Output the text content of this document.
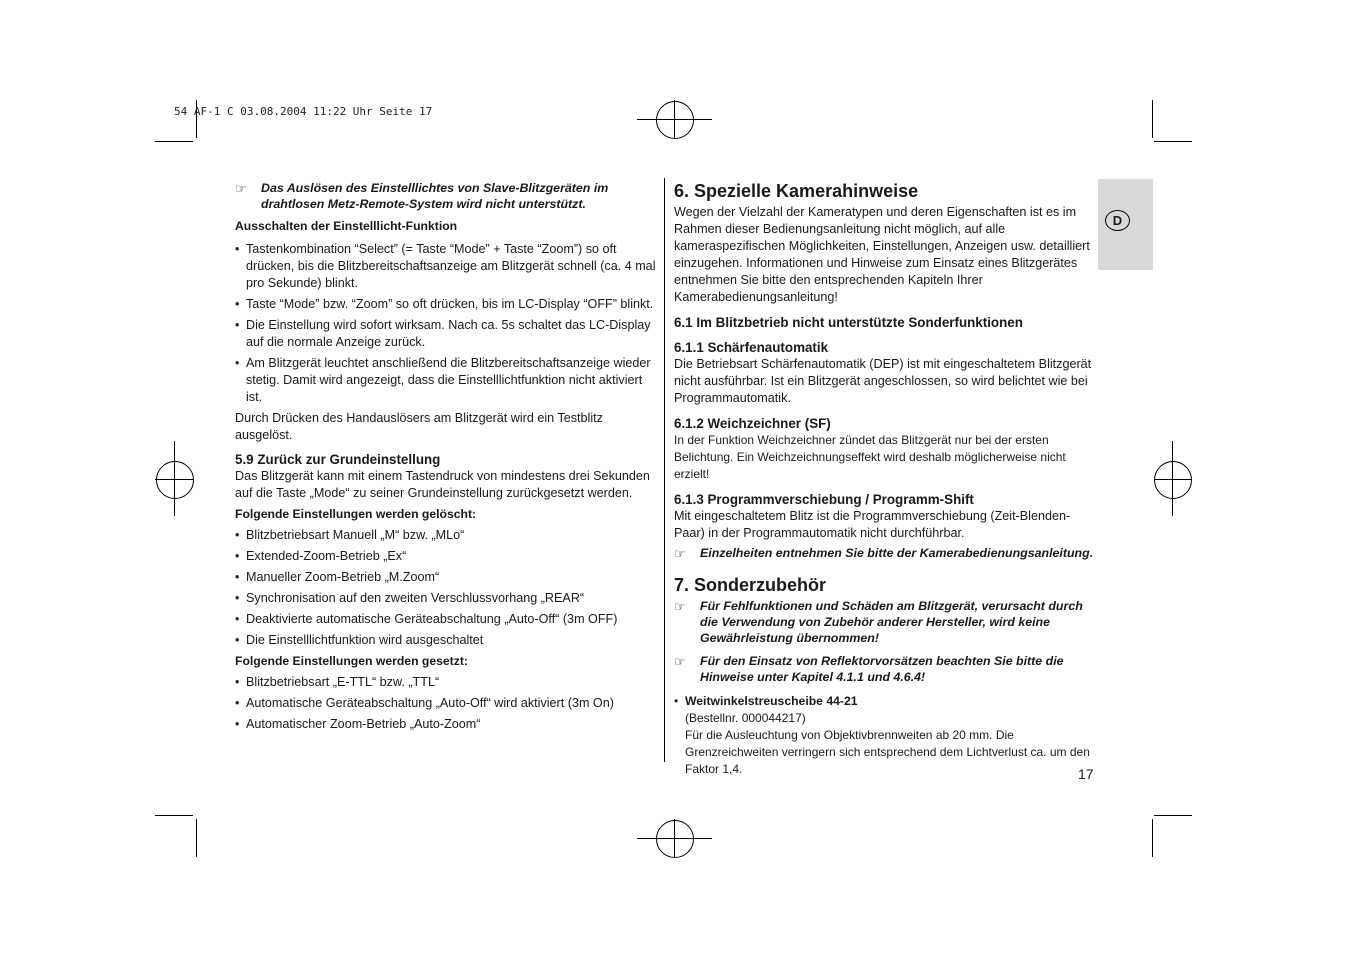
54 AF-1 C 03.08.2004 11:22 Uhr Seite 17
D
☞	Das Auslösen des Einstelllichtes von Slave-Blitzgeräten im drahtlosen Metz-Remote-System wird nicht unterstützt.

Ausschalten der Einstelllicht-Funktion

• Tastenkombination “Select” (= Taste “Mode” + Taste “Zoom”) so oft drücken, bis die Blitzbereitschaftsanzeige am Blitzgerät schnell (ca. 4 mal pro Sekunde) blinkt.
• Taste “Mode” bzw. “Zoom” so oft drücken, bis im LC-Display “OFF” blinkt.
• Die Einstellung wird sofort wirksam. Nach ca. 5s schaltet das LC-Display auf die normale Anzeige zurück.
• Am Blitzgerät leuchtet anschließend die Blitzbereitschaftsanzeige wieder stetig. Damit wird angezeigt, dass die Einstelllichtfunktion nicht aktiviert ist.

Durch Drücken des Handauslösers am Blitzgerät wird ein Testblitz ausgelöst.

5.9 Zurück zur Grundeinstellung

Das Blitzgerät kann mit einem Tastendruck von mindestens drei Sekunden auf die Taste „Mode“ zu seiner Grundeinstellung zurückgesetzt werden.

Folgende Einstellungen werden gelöscht:

• Blitzbetriebsart Manuell „M“ bzw. „MLo“
• Extended-Zoom-Betrieb „Ex“
• Manueller Zoom-Betrieb „M.Zoom“
• Synchronisation auf den zweiten Verschlussvorhang „REAR“
• Deaktivierte automatische Geräteabschaltung „Auto-Off“ (3m OFF)
• Die Einstelllichtfunktion wird ausgeschaltet

Folgende Einstellungen werden gesetzt:

• Blitzbetriebsart „E-TTL“ bzw. „TTL“
• Automatische Geräteabschaltung „Auto-Off“ wird aktiviert (3m On)
• Automatischer Zoom-Betrieb „Auto-Zoom“

6. Spezielle Kamerahinweise

Wegen der Vielzahl der Kameratypen und deren Eigenschaften ist es im Rahmen dieser Bedienungsanleitung nicht möglich, auf alle kameraspezifischen Möglichkeiten, Einstellungen, Anzeigen usw. detailliert einzugehen. Informationen und Hinweise zum Einsatz eines Blitzgerätes entnehmen Sie bitte den entsprechenden Kapiteln Ihrer Kamerabedienungsanleitung!

6.1 Im Blitzbetrieb nicht unterstützte Sonderfunktionen

6.1.1 Schärfenautomatik

Die Betriebsart Schärfenautomatik (DEP) ist mit eingeschaltetem Blitzgerät nicht ausführbar. Ist ein Blitzgerät angeschlossen, so wird belichtet wie bei Programmautomatik.

6.1.2 Weichzeichner (SF)

In der Funktion Weichzeichner zündet das Blitzgerät nur bei der ersten Belichtung. Ein Weichzeichnungseffekt wird deshalb möglicherweise nicht erzielt!

6.1.3 Programmverschiebung / Programm-Shift

Mit eingeschaltetem Blitz ist die Programmverschiebung (Zeit-Blenden-Paar) in der Programmautomatik nicht durchführbar.

☞	Einzelheiten entnehmen Sie bitte der Kamerabedienungsanleitung.

7. Sonderzubehör

☞	Für Fehlfunktionen und Schäden am Blitzgerät, verursacht durch die Verwendung von Zubehör anderer Hersteller, wird keine Gewährleistung übernommen!
☞	Für den Einsatz von Reflektorvorsätzen beachten Sie bitte die Hinweise unter Kapitel 4.1.1 und 4.6.4!
• Weitwinkelstreuscheibe 44-21

(Bestellnr. 000044217)

Für die Ausleuchtung von Objektivbrennweiten ab 20 mm. Die Grenzreichweiten verringern sich entsprechend dem Lichtverlust ca. um den Faktor 1,4.	17
